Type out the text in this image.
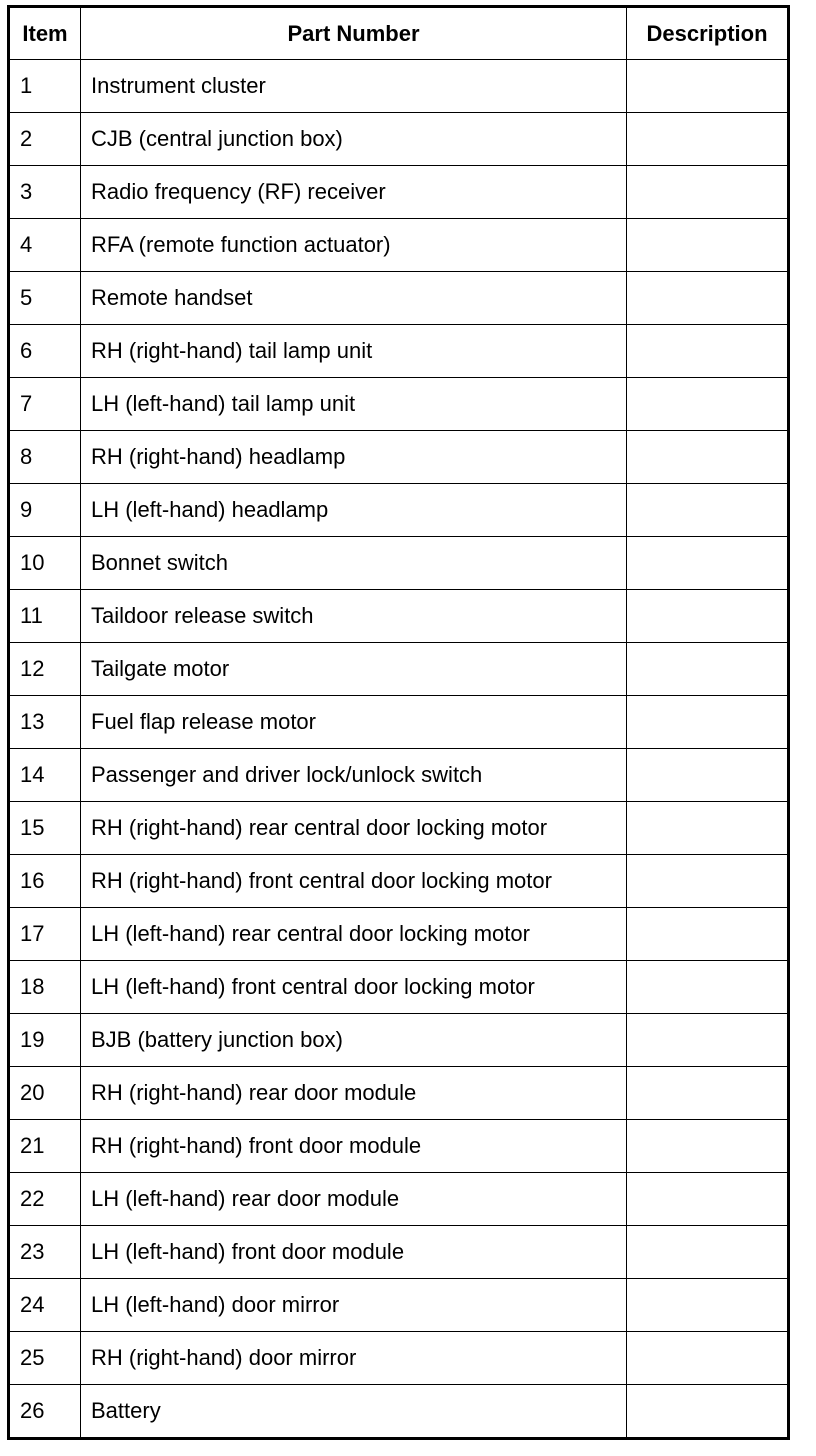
Item	Part Number	Description
1	Instrument cluster	
2	CJB (central junction box)	
3	Radio frequency (RF) receiver	
4	RFA (remote function actuator)	
5	Remote handset	
6	RH (right-hand) tail lamp unit	
7	LH (left-hand) tail lamp unit	
8	RH (right-hand) headlamp	
9	LH (left-hand) headlamp	
10	Bonnet switch	
11	Taildoor release switch	
12	Tailgate motor	
13	Fuel flap release motor	
14	Passenger and driver lock/unlock switch	
15	RH (right-hand) rear central door locking motor	
16	RH (right-hand) front central door locking motor	
17	LH (left-hand) rear central door locking motor	
18	LH (left-hand) front central door locking motor	
19	BJB (battery junction box)	
20	RH (right-hand) rear door module	
21	RH (right-hand) front door module	
22	LH (left-hand) rear door module	
23	LH (left-hand) front door module	
24	LH (left-hand) door mirror	
25	RH (right-hand) door mirror	
26	Battery	
